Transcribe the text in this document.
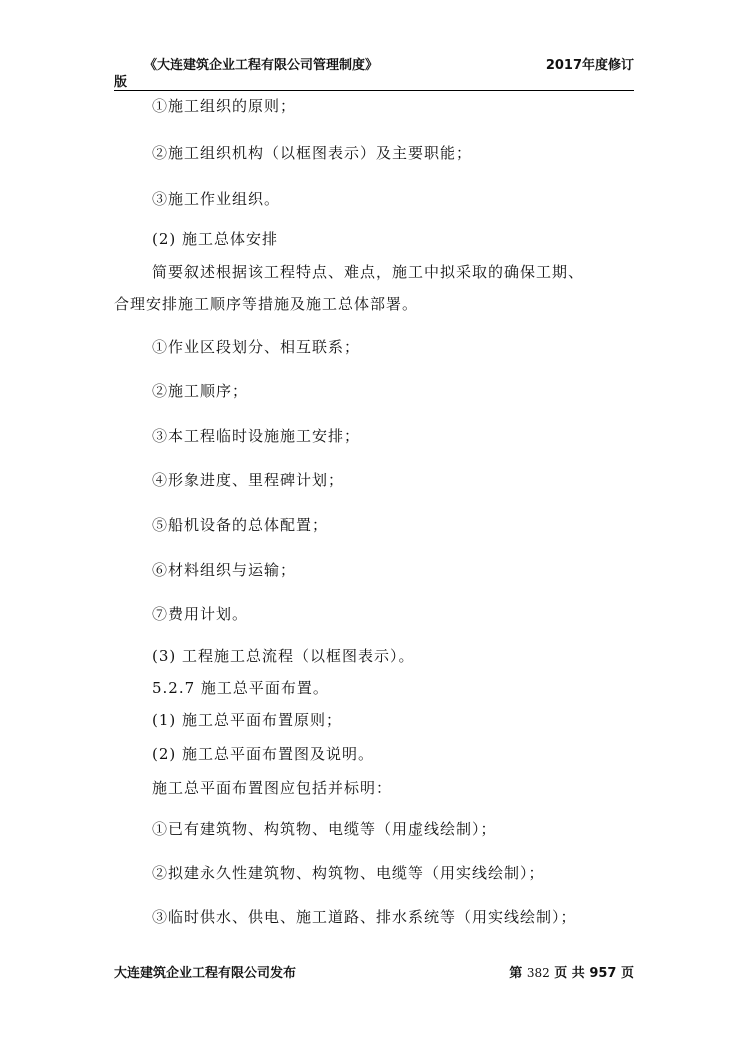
《大连建筑企业工程有限公司管理制度》	2017年度修订
版
①施工组织的原则；
②施工组织机构（以框图表示）及主要职能；
③施工作业组织。
(2) 施工总体安排
简要叙述根据该工程特点、难点，施工中拟采取的确保工期、
合理安排施工顺序等措施及施工总体部署。
①作业区段划分、相互联系；
②施工顺序；
③本工程临时设施施工安排；
④形象进度、里程碑计划；
⑤船机设备的总体配置；
⑥材料组织与运输；
⑦费用计划。
(3) 工程施工总流程（以框图表示）。
5.2.7 施工总平面布置。
(1) 施工总平面布置原则；
(2) 施工总平面布置图及说明。
施工总平面布置图应包括并标明：
①已有建筑物、构筑物、电缆等（用虚线绘制）；
②拟建永久性建筑物、构筑物、电缆等（用实线绘制）；
③临时供水、供电、施工道路、排水系统等（用实线绘制）；
大连建筑企业工程有限公司发布	第 382 页 共 957 页
